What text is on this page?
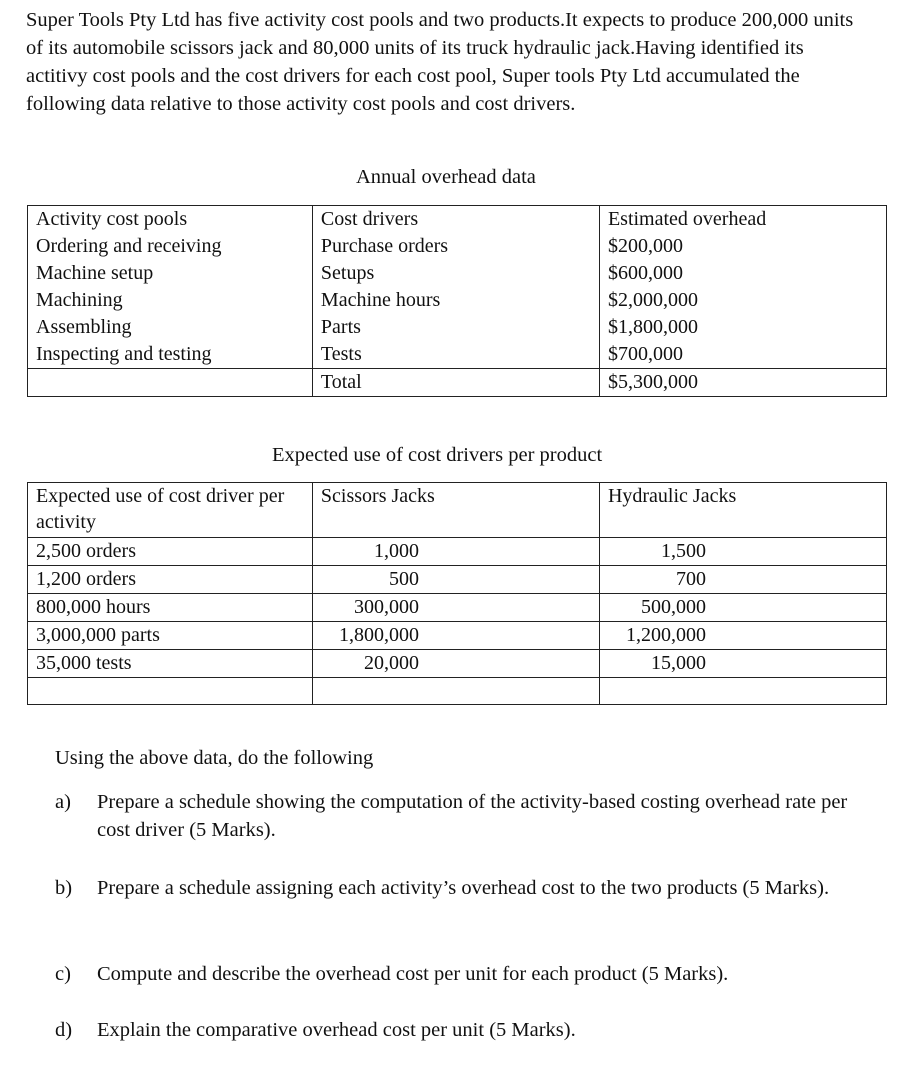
Super Tools Pty Ltd has five activity cost pools and two products.It expects to produce 200,000 units of its automobile scissors jack and 80,000 units of its truck hydraulic jack.Having identified its actitivy cost pools and the cost drivers for each cost pool, Super tools Pty Ltd accumulated the following data relative to those activity cost pools and cost drivers.

Annual overhead data

Activity cost pools	Cost drivers	Estimated overhead
Ordering and receiving	Purchase orders	$200,000
Machine setup	Setups	$600,000
Machining	Machine hours	$2,000,000
Assembling	Parts	$1,800,000
Inspecting and testing	Tests	$700,000
	Total	$5,300,000

Expected use of cost drivers per product

Expected use of cost driver per activity	Scissors Jacks	Hydraulic Jacks
2,500 orders	1,000	1,500
1,200 orders	500	700
800,000 hours	300,000	500,000
3,000,000 parts	1,800,000	1,200,000
35,000 tests	20,000	15,000

Using the above data, do the following

a)	Prepare a schedule showing the computation of the activity-based costing overhead rate per cost driver (5 Marks).
b)	Prepare a schedule assigning each activity’s overhead cost to the two products (5 Marks).
c)	Compute and describe the overhead cost per unit for each product (5 Marks).
d)	Explain the comparative overhead cost per unit (5 Marks).
